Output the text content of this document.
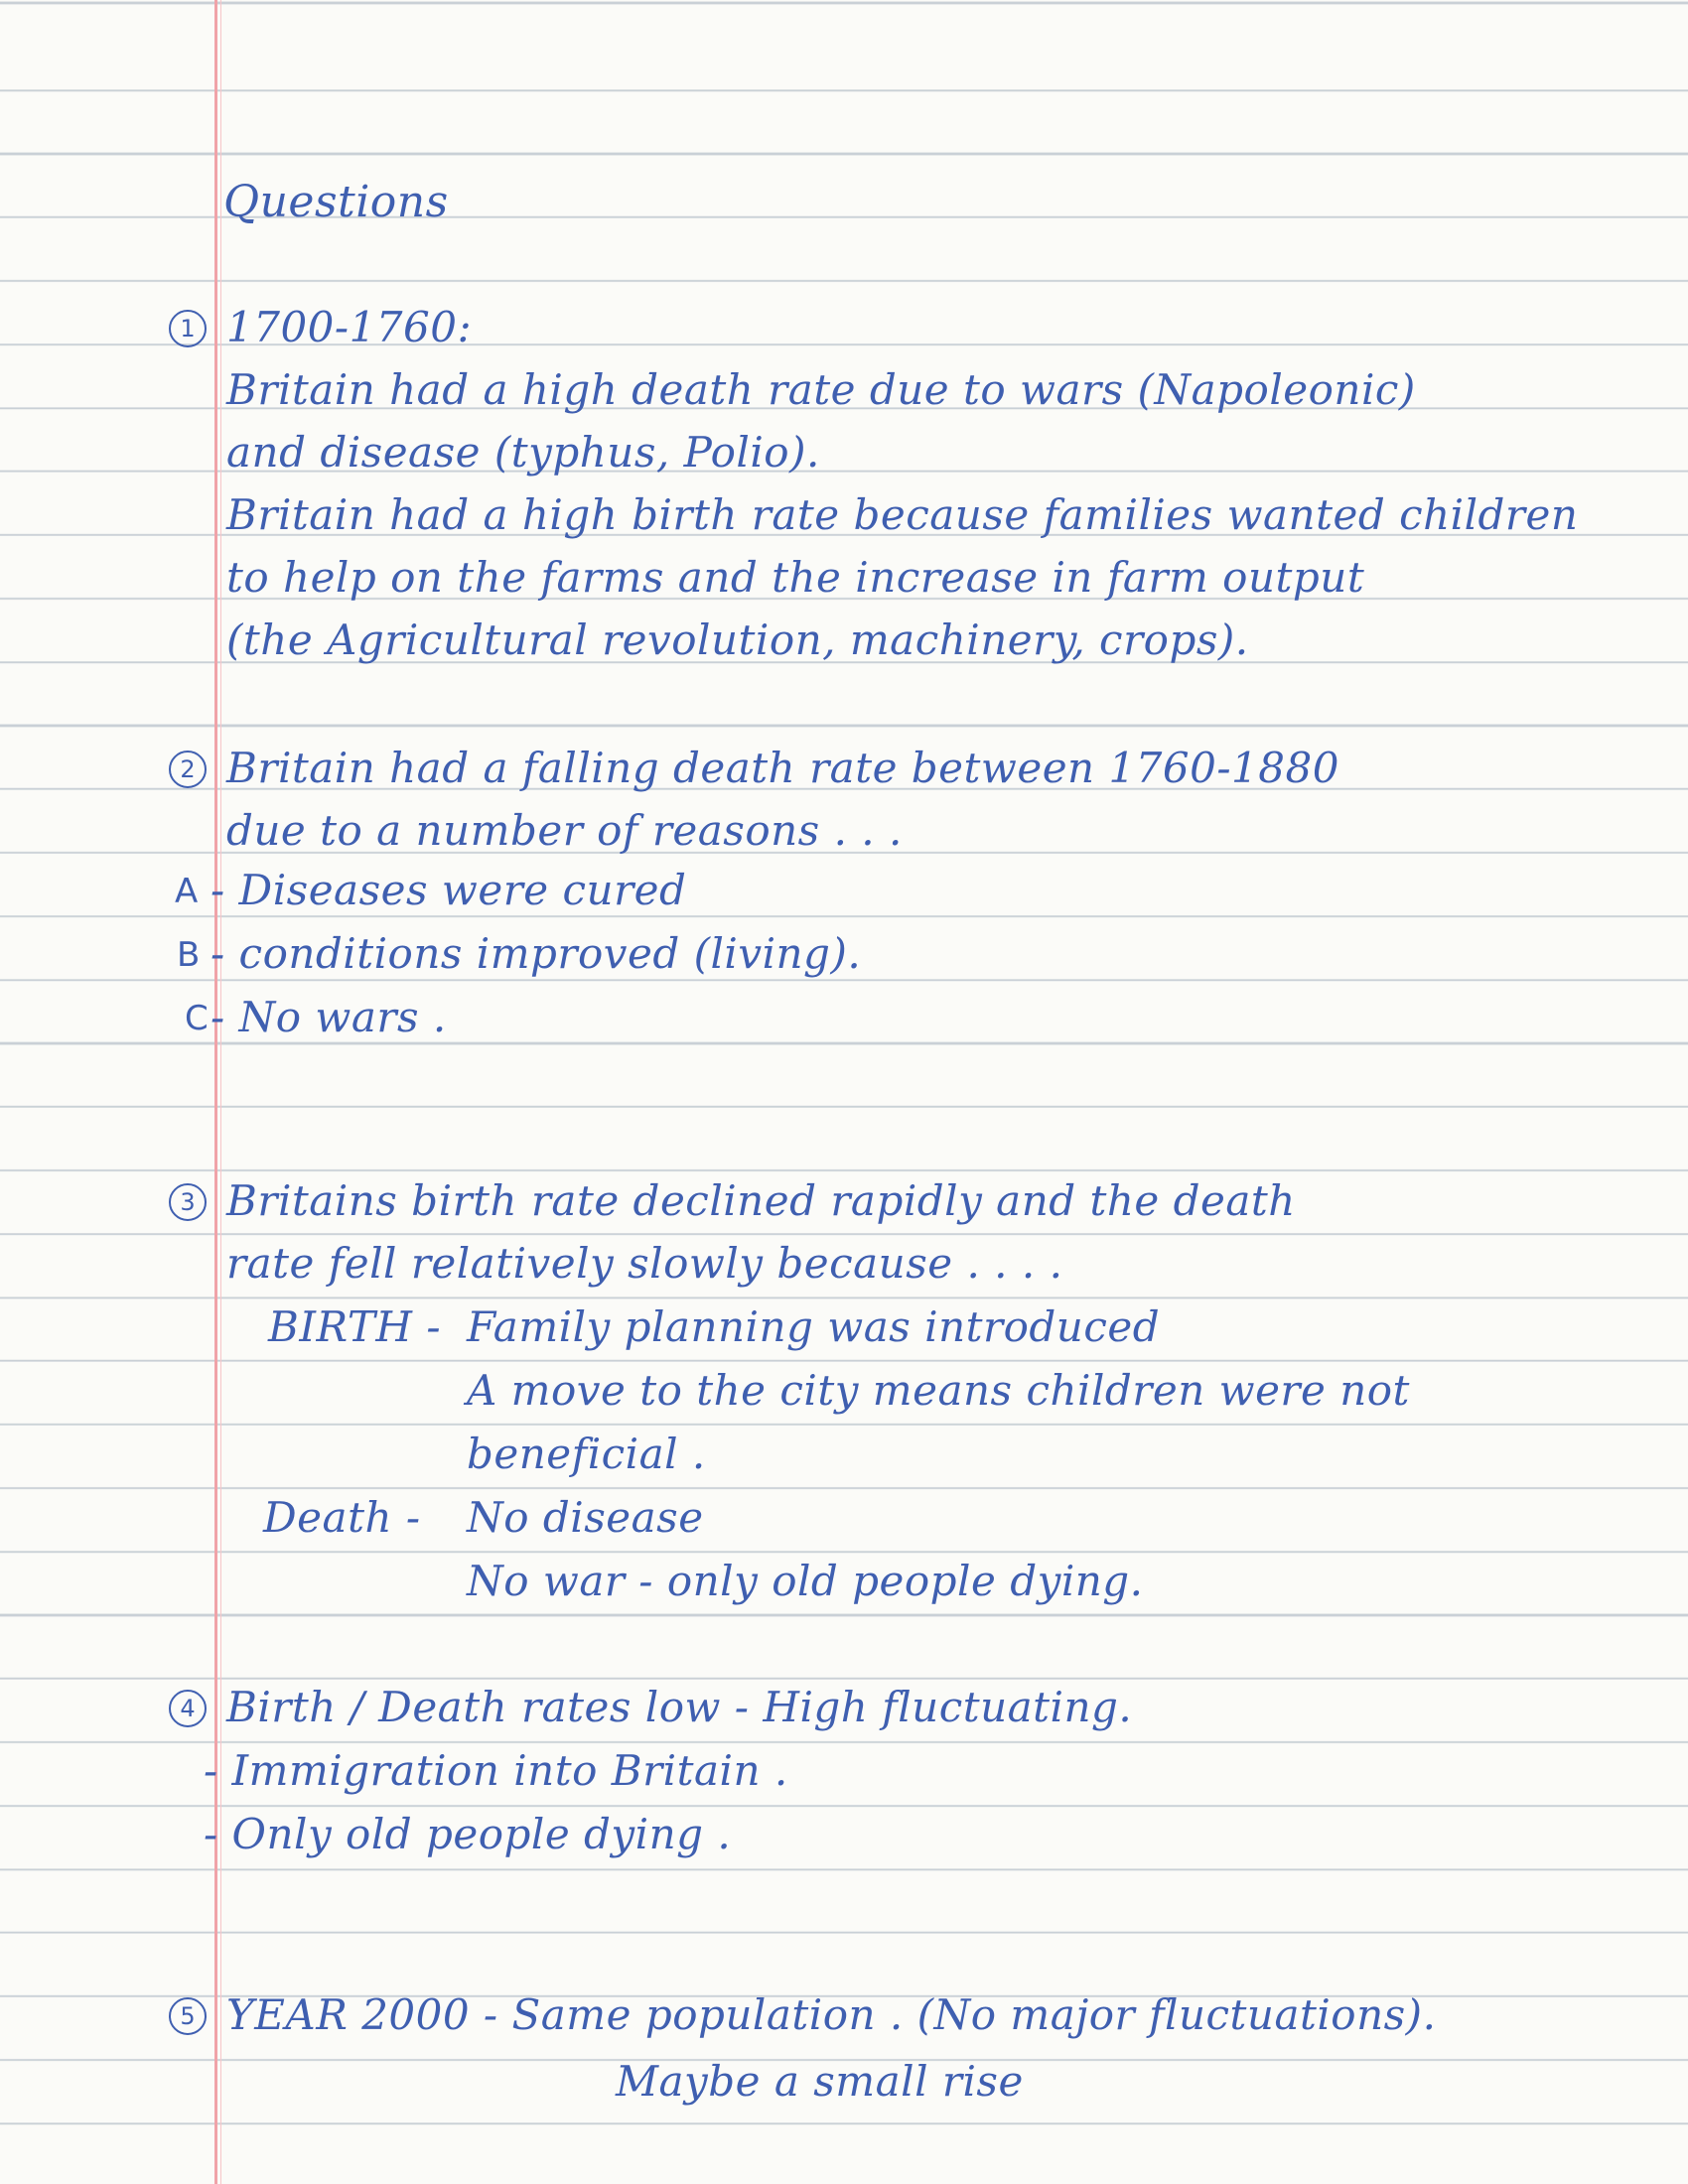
Questions
1 1700-1760:
Britain had a high death rate due to wars (Napoleonic)
and disease (typhus, Polio).
Britain had a high birth rate because families wanted children
to help on the farms and the increase in farm output
(the Agricultural revolution, machinery, crops).
2 Britain had a falling death rate between 1760-1880
due to a number of reasons . . .
A - Diseases were cured
B - conditions improved (living).
C - No wars .
3 Britains birth rate declined rapidly and the death
rate fell relatively slowly because . . . .
BIRTH - Family planning was introduced
A move to the city means children were not
beneficial .
Death - No disease
No war - only old people dying.
4 Birth / Death rates low - High fluctuating.
- Immigration into Britain .
- Only old people dying .
5 YEAR 2000 - Same population . (No major fluctuations).
Maybe a small rise
